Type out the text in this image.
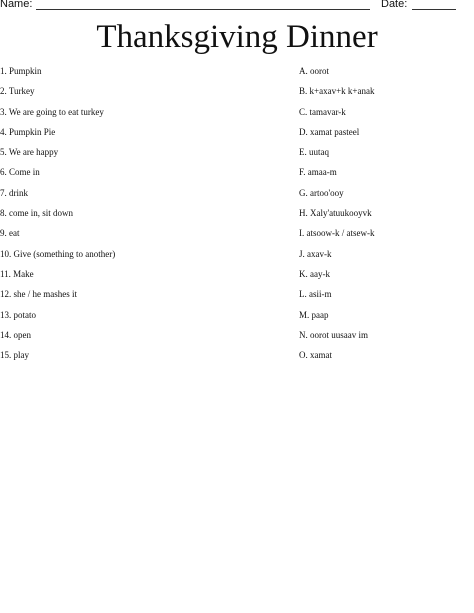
Name:	Date:
Thanksgiving Dinner
1. Pumpkin
2. Turkey
3. We are going to eat turkey
4. Pumpkin Pie
5. We are happy
6. Come in
7. drink
8. come in, sit down
9. eat
10. Give (something to another)
11. Make
12. she / he mashes it
13. potato
14. open
15. play
A. oorot
B. k+axav+k k+anak
C. tamavar-k
D. xamat pasteel
E. uutaq
F. amaa-m
G. artoo'ooy
H. Xaly'atuukooyvk
I. atsoow-k / atsew-k
J. axav-k
K. aay-k
L. asii-m
M. paap
N. oorot uusaav im
O. xamat
